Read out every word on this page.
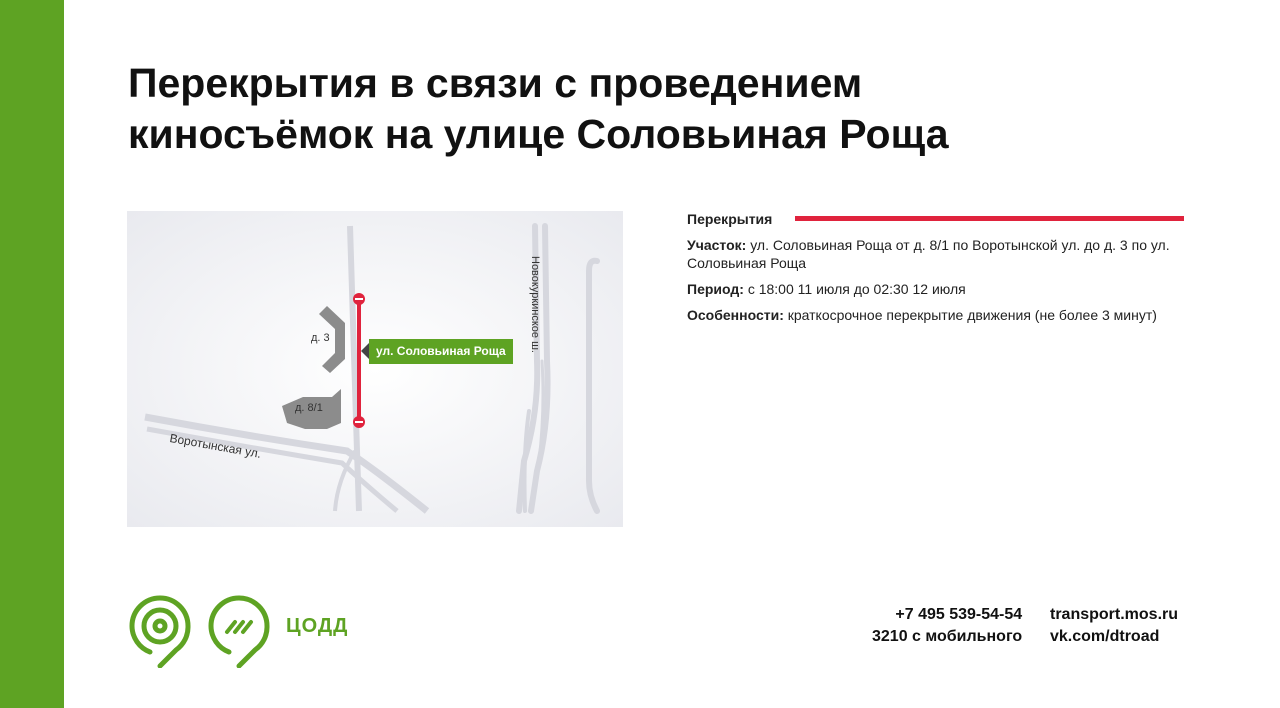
Перекрытия в связи с проведением
киносъёмок на улице Соловьиная Роща
д. 3
д. 8/1
Воротынская ул.
Новокуркинское ш.
ул. Соловьиная Роща
Перекрытия
Участок: ул. Соловьиная Роща от д. 8/1 по Воротынской ул. до д. 3 по ул. Соловьиная Роща
Период: с 18:00 11 июля до 02:30 12 июля
Особенности: краткосрочное перекрытие движения (не более 3 минут)
ЦОДД
+7 495 539-54-54
3210 с мобильного
transport.mos.ru
vk.com/dtroad
